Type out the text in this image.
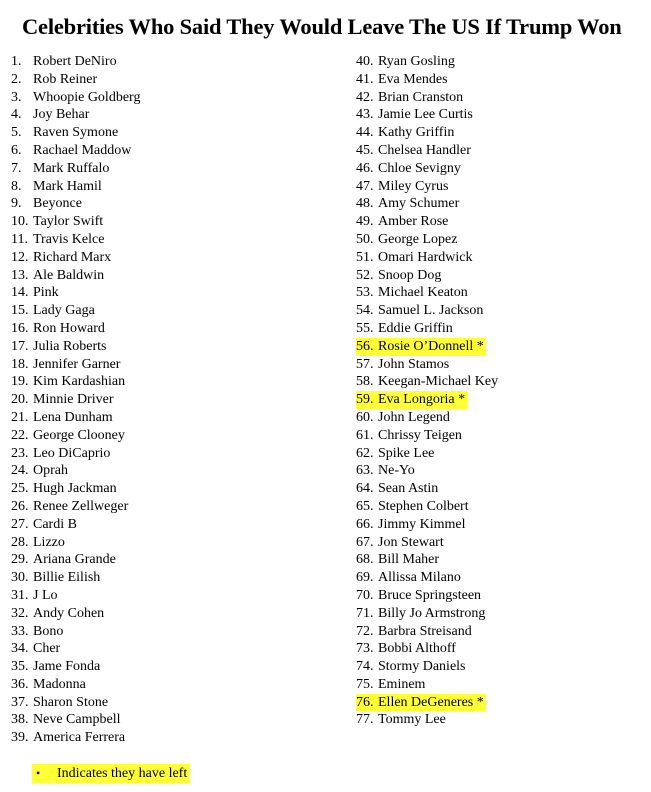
Celebrities Who Said They Would Leave The US If Trump Won
1. Robert DeNiro
2. Rob Reiner
3. Whoopie Goldberg
4. Joy Behar
5. Raven Symone
6. Rachael Maddow
7. Mark Ruffalo
8. Mark Hamil
9. Beyonce
10. Taylor Swift
11. Travis Kelce
12. Richard Marx
13. Ale Baldwin
14. Pink
15. Lady Gaga
16. Ron Howard
17. Julia Roberts
18. Jennifer Garner
19. Kim Kardashian
20. Minnie Driver
21. Lena Dunham
22. George Clooney
23. Leo DiCaprio
24. Oprah
25. Hugh Jackman
26. Renee Zellweger
27. Cardi B
28. Lizzo
29. Ariana Grande
30. Billie Eilish
31. J Lo
32. Andy Cohen
33. Bono
34. Cher
35. Jame Fonda
36. Madonna
37. Sharon Stone
38. Neve Campbell
39. America Ferrera
40. Ryan Gosling
41. Eva Mendes
42. Brian Cranston
43. Jamie Lee Curtis
44. Kathy Griffin
45. Chelsea Handler
46. Chloe Sevigny
47. Miley Cyrus
48. Amy Schumer
49. Amber Rose
50. George Lopez
51. Omari Hardwick
52. Snoop Dog
53. Michael Keaton
54. Samuel L. Jackson
55. Eddie Griffin
56. Rosie O’Donnell *
57. John Stamos
58. Keegan-Michael Key
59. Eva Longoria *
60. John Legend
61. Chrissy Teigen
62. Spike Lee
63. Ne-Yo
64. Sean Astin
65. Stephen Colbert
66. Jimmy Kimmel
67. Jon Stewart
68. Bill Maher
69. Allissa Milano
70. Bruce Springsteen
71. Billy Jo Armstrong
72. Barbra Streisand
73. Bobbi Althoff
74. Stormy Daniels
75. Eminem
76. Ellen DeGeneres *
77. Tommy Lee
• Indicates they have left
